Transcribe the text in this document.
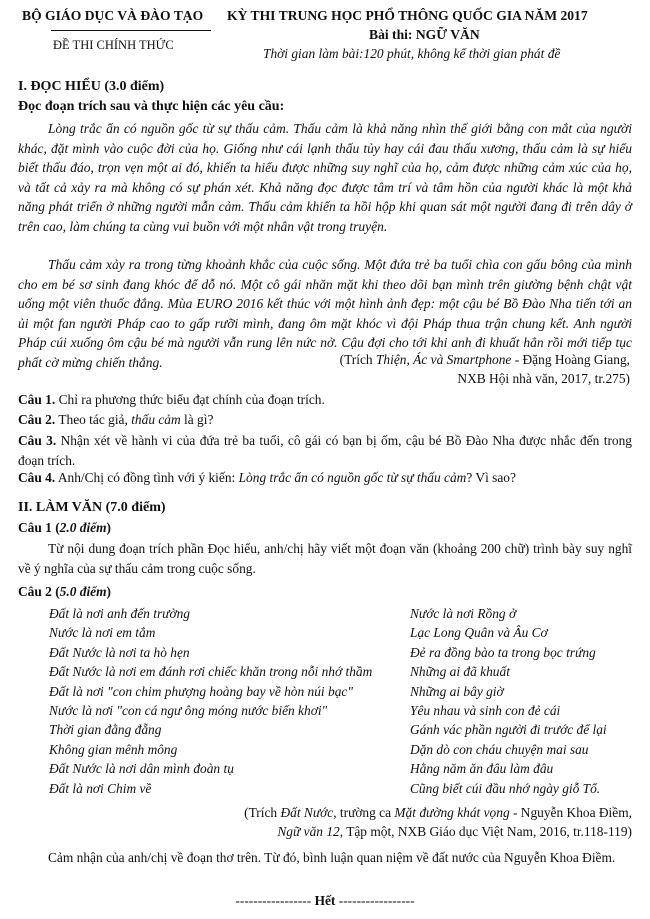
BỘ GIÁO DỤC VÀ ĐÀO TẠO
ĐỀ THI CHÍNH THỨC
KỲ THI TRUNG HỌC PHỔ THÔNG QUỐC GIA NĂM 2017
Bài thi: NGỮ VĂN
Thời gian làm bài:120 phút, không kể thời gian phát đề
I. ĐỌC HIỂU (3.0 điểm)
Đọc đoạn trích sau và thực hiện các yêu cầu:
Lòng trắc ẩn có nguồn gốc từ sự thấu cảm. Thấu cảm là khả năng nhìn thế giới bằng con mắt của người khác, đặt mình vào cuộc đời của họ. Giống như cái lạnh thấu tủy hay cái đau thấu xương, thấu cảm là sự hiểu biết thấu đáo, trọn vẹn một ai đó, khiến ta hiểu được những suy nghĩ của họ, cảm được những cảm xúc của họ, và tất cả xảy ra mà không có sự phán xét. Khả năng đọc được tâm trí và tâm hồn của người khác là một khả năng phát triển ở những người mẫn cảm. Thấu cảm khiến ta hồi hộp khi quan sát một người đang đi trên dây ở trên cao, làm chúng ta cùng vui buồn với một nhân vật trong truyện.
Thấu cảm xảy ra trong từng khoảnh khắc của cuộc sống. Một đứa trẻ ba tuổi chìa con gấu bông của mình cho em bé sơ sinh đang khóc để dỗ nó. Một cô gái nhăn mặt khi theo dõi bạn mình trên giường bệnh chật vật uống một viên thuốc đắng. Mùa EURO 2016 kết thúc với một hình ảnh đẹp: một cậu bé Bồ Đào Nha tiến tới an ủi một fan người Pháp cao to gấp rưỡi mình, đang ôm mặt khóc vì đội Pháp thua trận chung kết. Anh người Pháp cúi xuống ôm cậu bé mà người vẫn rung lên nức nở. Cậu đợi cho tới khi anh đi khuất hẳn rồi mới tiếp tục phất cờ mừng chiến thắng.	(Trích Thiện, Ác và Smartphone - Đặng Hoàng Giang,
NXB Hội nhà văn, 2017, tr.275)
Câu 1. Chỉ ra phương thức biểu đạt chính của đoạn trích.
Câu 2. Theo tác giả, thấu cảm là gì?
Câu 3. Nhận xét về hành vi của đứa trẻ ba tuổi, cô gái có bạn bị ốm, cậu bé Bồ Đào Nha được nhắc đến trong đoạn trích.
Câu 4. Anh/Chị có đồng tình với ý kiến: Lòng trắc ẩn có nguồn gốc từ sự thấu cảm? Vì sao?
II. LÀM VĂN (7.0 điểm)
Câu 1 (2.0 điểm)
Từ nội dung đoạn trích phần Đọc hiểu, anh/chị hãy viết một đoạn văn (khoảng 200 chữ) trình bày suy nghĩ về ý nghĩa của sự thấu cảm trong cuộc sống.
Câu 2 (5.0 điểm)
Đất là nơi anh đến trường
Nước là nơi em tắm
Đất Nước là nơi ta hò hẹn
Đất Nước là nơi em đánh rơi chiếc khăn trong nỗi nhớ thầm
Đất là nơi "con chim phượng hoàng bay về hòn núi bạc"
Nước là nơi "con cá ngư ông móng nước biển khơi"
Thời gian đằng đẵng
Không gian mênh mông
Đất Nước là nơi dân mình đoàn tụ
Đất là nơi Chim về
Nước là nơi Rồng ở
Lạc Long Quân và Âu Cơ
Đẻ ra đồng bào ta trong bọc trứng
Những ai đã khuất
Những ai bây giờ
Yêu nhau và sinh con đẻ cái
Gánh vác phần người đi trước để lại
Dặn dò con cháu chuyện mai sau
Hằng năm ăn đâu làm đâu
Cũng biết cúi đầu nhớ ngày giỗ Tổ.
(Trích Đất Nước, trường ca Mặt đường khát vọng - Nguyễn Khoa Điềm,
Ngữ văn 12, Tập một, NXB Giáo dục Việt Nam, 2016, tr.118-119)
Cảm nhận của anh/chị về đoạn thơ trên. Từ đó, bình luận quan niệm về đất nước của Nguyễn Khoa Điềm.
----------------- Hết -----------------
